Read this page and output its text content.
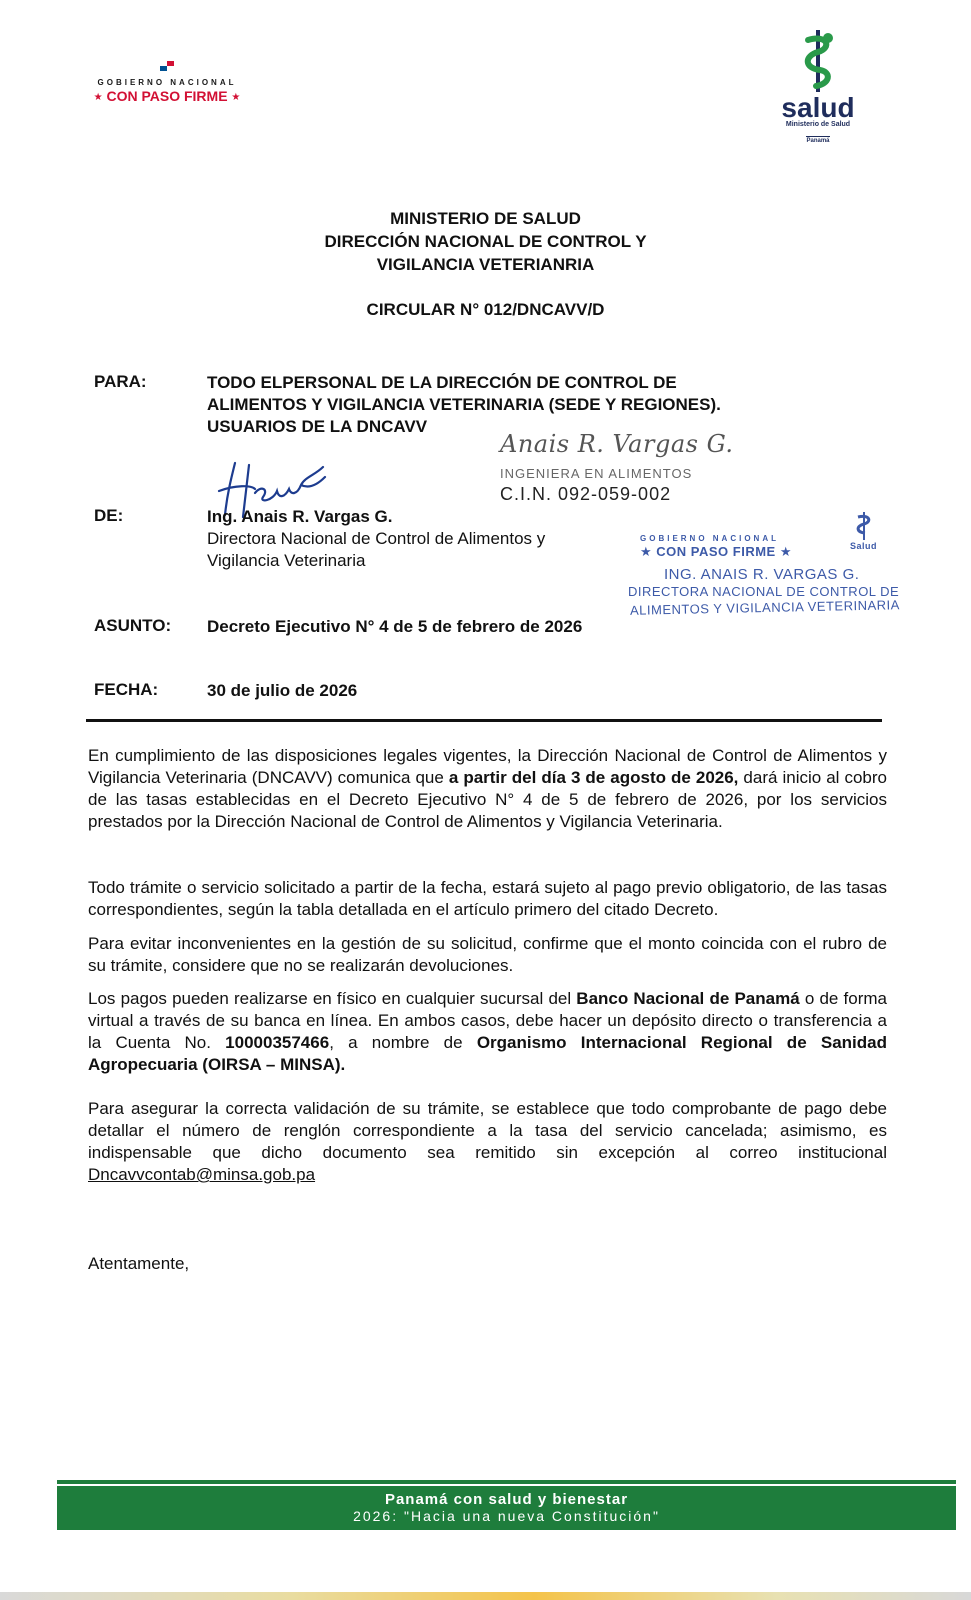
GOBIERNO NACIONAL
★ CON PASO FIRME ★	salud
Ministerio de Salud
Panamá
MINISTERIO DE SALUD
DIRECCIÓN NACIONAL DE CONTROL Y
VIGILANCIA VETERIANRIA
CIRCULAR N° 012/DNCAVV/D
PARA:	TODO ELPERSONAL DE LA DIRECCIÓN DE CONTROL DE
ALIMENTOS Y VIGILANCIA VETERINARIA (SEDE Y REGIONES).
USUARIOS DE LA DNCAVV
Anais R. Vargas G.
INGENIERA EN ALIMENTOS
C.I.N. 092-059-002
DE:	Ing. Anais R. Vargas G.
Directora Nacional de Control de Alimentos y
Vigilancia Veterinaria
GOBIERNO NACIONAL
★ CON PASO FIRME ★	Salud
ING. ANAIS R. VARGAS G.
DIRECTORA NACIONAL DE CONTROL DE
ALIMENTOS Y VIGILANCIA VETERINARIA
ASUNTO: Decreto Ejecutivo N° 4 de 5 de febrero de 2026
FECHA:	30 de julio de 2026
En cumplimiento de las disposiciones legales vigentes, la Dirección Nacional de Control de Alimentos y Vigilancia Veterinaria (DNCAVV) comunica que a partir del día 3 de agosto de 2026, dará inicio al cobro de las tasas establecidas en el Decreto Ejecutivo N° 4 de 5 de febrero de 2026, por los servicios prestados por la Dirección Nacional de Control de Alimentos y Vigilancia Veterinaria.
Todo trámite o servicio solicitado a partir de la fecha, estará sujeto al pago previo obligatorio, de las tasas correspondientes, según la tabla detallada en el artículo primero del citado Decreto.
Para evitar inconvenientes en la gestión de su solicitud, confirme que el monto coincida con el rubro de su trámite, considere que no se realizarán devoluciones.
Los pagos pueden realizarse en físico en cualquier sucursal del Banco Nacional de Panamá o de forma virtual a través de su banca en línea. En ambos casos, debe hacer un depósito directo o transferencia a la Cuenta No. 10000357466, a nombre de Organismo Internacional Regional de Sanidad Agropecuaria (OIRSA – MINSA).
Para asegurar la correcta validación de su trámite, se establece que todo comprobante de pago debe detallar el número de renglón correspondiente a la tasa del servicio cancelada; asimismo, es indispensable que dicho documento sea remitido sin excepción al correo institucional Dncavvcontab@minsa.gob.pa
Atentamente,
Panamá con salud y bienestar
2026: "Hacia una nueva Constitución"
